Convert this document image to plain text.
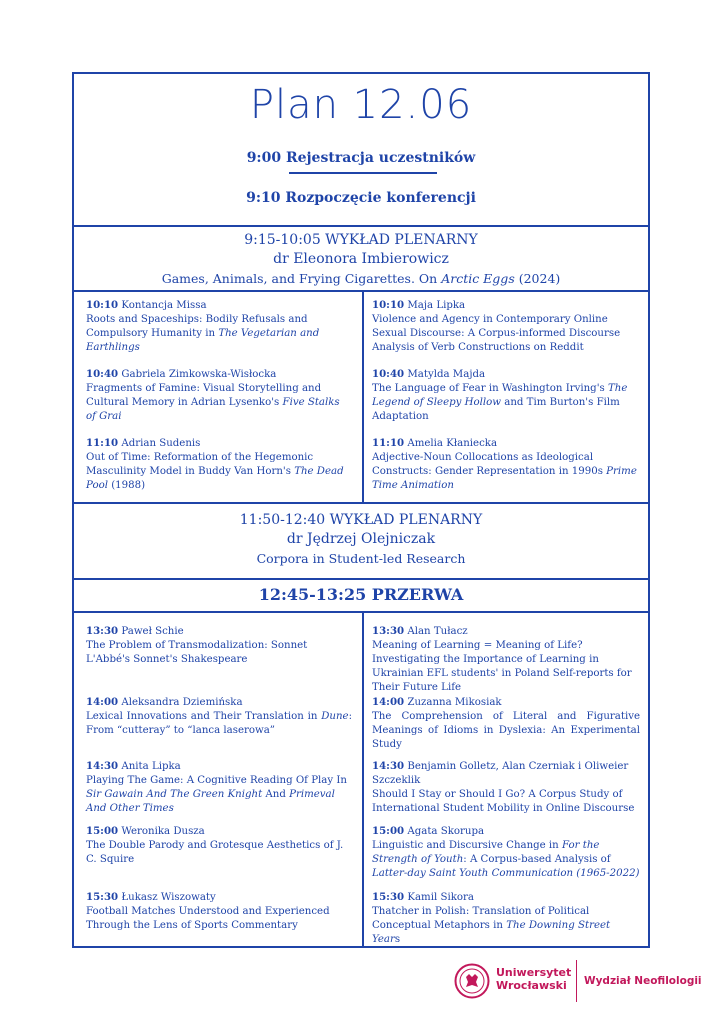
Plan 12.06
9:00 Rejestracja uczestników
9:10 Rozpoczęcie konferencji
9:15-10:05 WYKŁAD PLENARNY
dr Eleonora Imbierowicz
Games, Animals, and Frying Cigarettes. On Arctic Eggs (2024)
10:10 Kontancja Missa
Roots and Spaceships: Bodily Refusals and Compulsory Humanity in The Vegetarian and Earthlings
10:40 Gabriela Zimkowska-Wisłocka
Fragments of Famine: Visual Storytelling and Cultural Memory in Adrian Lysenko's Five Stalks of Grai
11:10 Adrian Sudenis
Out of Time: Reformation of the Hegemonic Masculinity Model in Buddy Van Horn's The Dead Pool (1988)
10:10 Maja Lipka
Violence and Agency in Contemporary Online Sexual Discourse: A Corpus-informed Discourse Analysis of Verb Constructions on Reddit
10:40 Matylda Majda
The Language of Fear in Washington Irving's The Legend of Sleepy Hollow and Tim Burton's Film Adaptation
11:10 Amelia Kłaniecka
Adjective-Noun Collocations as Ideological Constructs: Gender Representation in 1990s Prime Time Animation
11:50-12:40 WYKŁAD PLENARNY
dr Jędrzej Olejniczak
Corpora in Student-led Research
12:45-13:25 PRZERWA
13:30 Paweł Schie
The Problem of Transmodalization: Sonnet L'Abbé's Sonnet's Shakespeare
14:00 Aleksandra Dziemińska
Lexical Innovations and Their Translation in Dune: From “cutteray” to “lanca laserowa”
14:30 Anita Lipka
Playing The Game: A Cognitive Reading Of Play In Sir Gawain And The Green Knight And Primeval And Other Times
15:00 Weronika Dusza
The Double Parody and Grotesque Aesthetics of J. C. Squire
15:30 Łukasz Wiszowaty
Football Matches Understood and Experienced Through the Lens of Sports Commentary
13:30 Alan Tułacz
Meaning of Learning = Meaning of Life? Investigating the Importance of Learning in Ukrainian EFL students' in Poland Self-reports for Their Future Life
14:00 Zuzanna Mikosiak
The Comprehension of Literal and Figurative Meanings of Idioms in Dyslexia: An Experimental Study
14:30 Benjamin Golletz, Alan Czerniak i Oliweier Szczeklik
Should I Stay or Should I Go? A Corpus Study of International Student Mobility in Online Discourse
15:00 Agata Skorupa
Linguistic and Discursive Change in For the Strength of Youth: A Corpus-based Analysis of Latter-day Saint Youth Communication (1965-2022)
15:30 Kamil Sikora
Thatcher in Polish: Translation of Political Conceptual Metaphors in The Downing Street Years
Uniwersytet
Wrocławski	Wydział Neofilologii
